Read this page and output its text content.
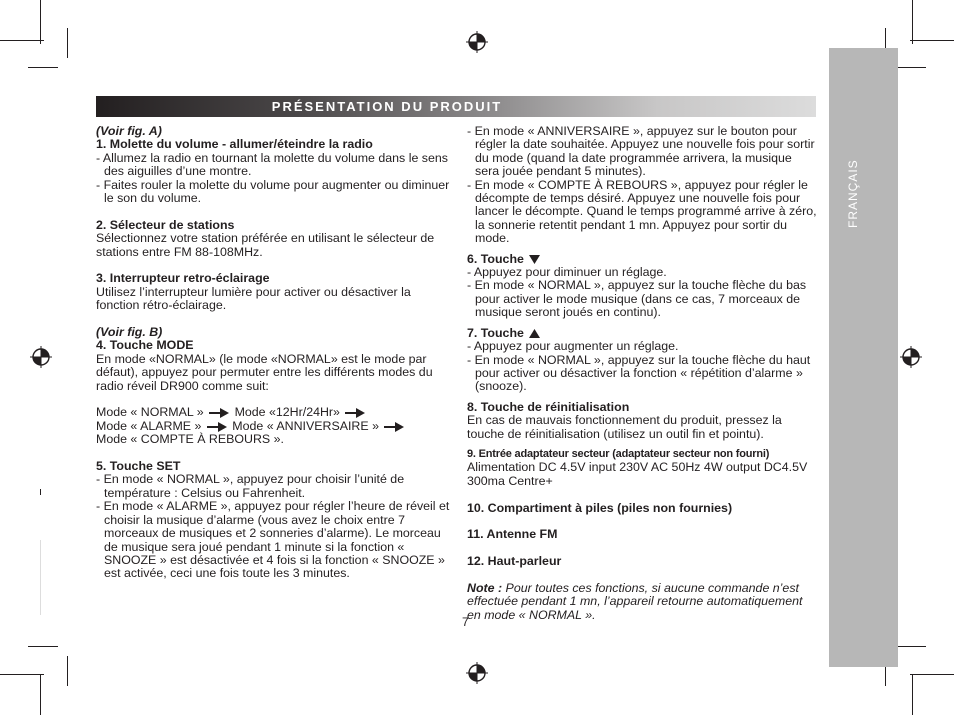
FRANÇAIS
PRÉSENTATION DU PRODUIT

(Voir fig. A)

1. Molette du volume - allumer/éteindre la radio

- Allumez la radio en tournant la molette du volume dans le sens des aiguilles d’une montre.

- Faites rouler la molette du volume pour augmenter ou diminuer le son du volume.

2. Sélecteur de stations

Sélectionnez votre station préférée en utilisant le sélecteur de stations entre FM 88-108MHz.

3. Interrupteur retro-éclairage

Utilisez l’interrupteur lumière pour activer ou désactiver la fonction rétro-éclairage.

(Voir fig. B)

4. Touche MODE

En mode «NORMAL» (le mode «NORMAL» est le mode par défaut), appuyez pour permuter entre les différents modes du radio réveil DR900 comme suit:

Mode « NORMAL » Mode «12Hr/24Hr»

Mode « ALARME » Mode « ANNIVERSAIRE »

Mode « COMPTE À REBOURS ».

5. Touche SET

- En mode « NORMAL », appuyez pour choisir l’unité de température : Celsius ou Fahrenheit.

- En mode « ALARME », appuyez pour régler l’heure de réveil et choisir la musique d’alarme (vous avez le choix entre 7 morceaux de musiques et 2 sonneries d’alarme). Le morceau de musique sera joué pendant 1 minute si la fonction « SNOOZE » est désactivée et 4 fois si la fonction « SNOOZE » est activée, ceci une fois toute les 3 minutes.

- En mode « ANNIVERSAIRE », appuyez sur le bouton pour régler la date souhaitée. Appuyez une nouvelle fois pour sortir du mode (quand la date programmée arrivera, la musique sera jouée pendant 5 minutes).

- En mode « COMPTE À REBOURS », appuyez pour régler le décompte de temps désiré. Appuyez une nouvelle fois pour lancer le décompte. Quand le temps programmé arrive à zéro, la sonnerie retentit pendant 1 mn. Appuyez pour sortir du mode.

6. Touche

- Appuyez pour diminuer un réglage.

- En mode « NORMAL », appuyez sur la touche flèche du bas pour activer le mode musique (dans ce cas, 7 morceaux de musique seront joués en continu).

7. Touche

- Appuyez pour augmenter un réglage.

- En mode « NORMAL », appuyez sur la touche flèche du haut pour activer ou désactiver la fonction « répétition d’alarme » (snooze).

8. Touche de réinitialisation

En cas de mauvais fonctionnement du produit, pressez la touche de réinitialisation (utilisez un outil fin et pointu).

9. Entrée adaptateur secteur (adaptateur secteur non fourni)

Alimentation DC 4.5V input 230V AC 50Hz 4W output DC4.5V 300ma Centre+

10. Compartiment à piles (piles non fournies)

11. Antenne FM

12. Haut-parleur

Note : Pour toutes ces fonctions, si aucune commande n’est effectuée pendant 1 mn, l’appareil retourne automatiquement en mode « NORMAL ».

7
